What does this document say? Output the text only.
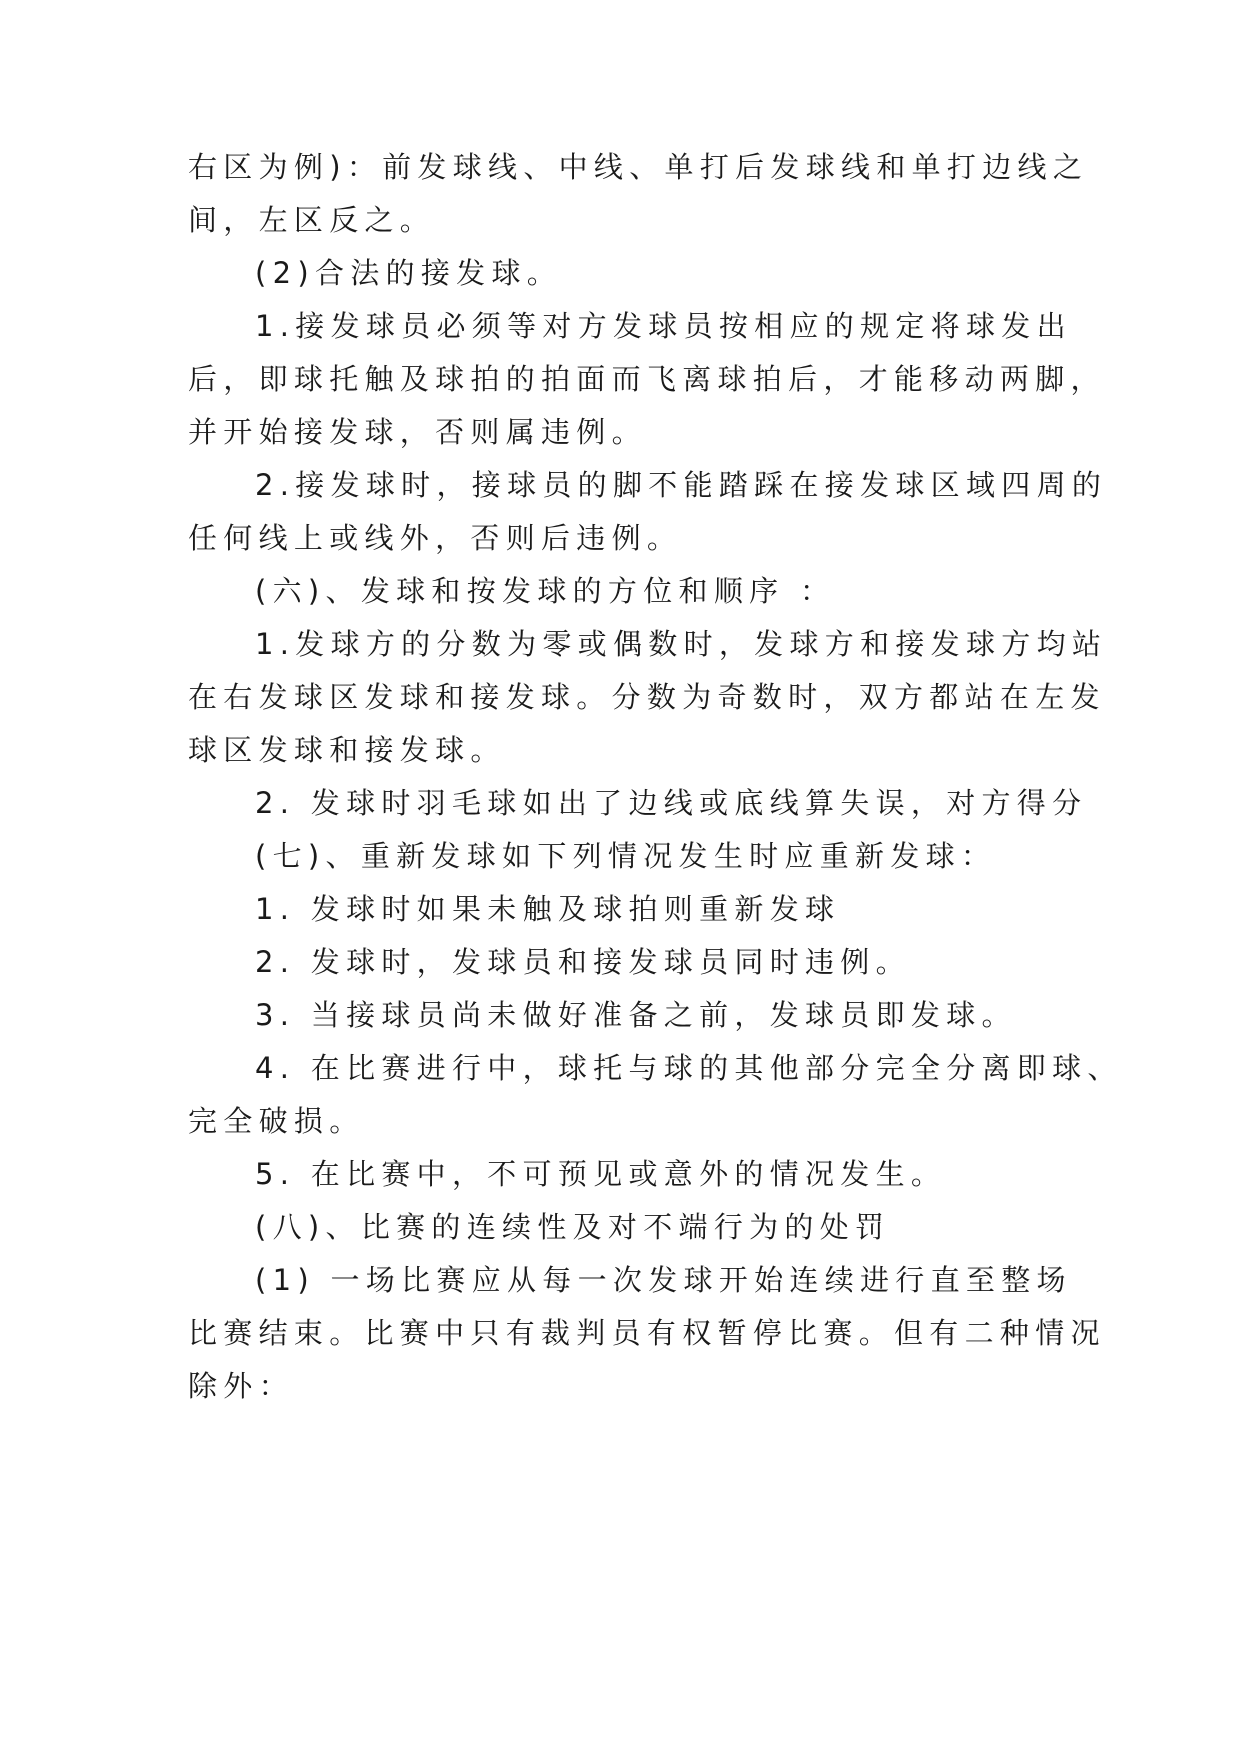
右区为例)：前发球线、中线、单打后发球线和单打边线之
间，左区反之。
(2)合法的接发球。
1.接发球员必须等对方发球员按相应的规定将球发出
后，即球托触及球拍的拍面而飞离球拍后，才能移动两脚，
并开始接发球，否则属违例。
2.接发球时，接球员的脚不能踏踩在接发球区域四周的
任何线上或线外，否则后违例。
(六)、发球和按发球的方位和顺序 ：
1.发球方的分数为零或偶数时，发球方和接发球方均站
在右发球区发球和接发球。分数为奇数时，双方都站在左发
球区发球和接发球。
2. 发球时羽毛球如出了边线或底线算失误，对方得分
(七)、重新发球如下列情况发生时应重新发球：
1. 发球时如果未触及球拍则重新发球
2. 发球时，发球员和接发球员同时违例。
3. 当接球员尚未做好准备之前，发球员即发球。
4. 在比赛进行中，球托与球的其他部分完全分离即球、
完全破损。
5. 在比赛中，不可预见或意外的情况发生。
(八)、比赛的连续性及对不端行为的处罚
(1) 一场比赛应从每一次发球开始连续进行直至整场
比赛结束。比赛中只有裁判员有权暂停比赛。但有二种情况
除外：
